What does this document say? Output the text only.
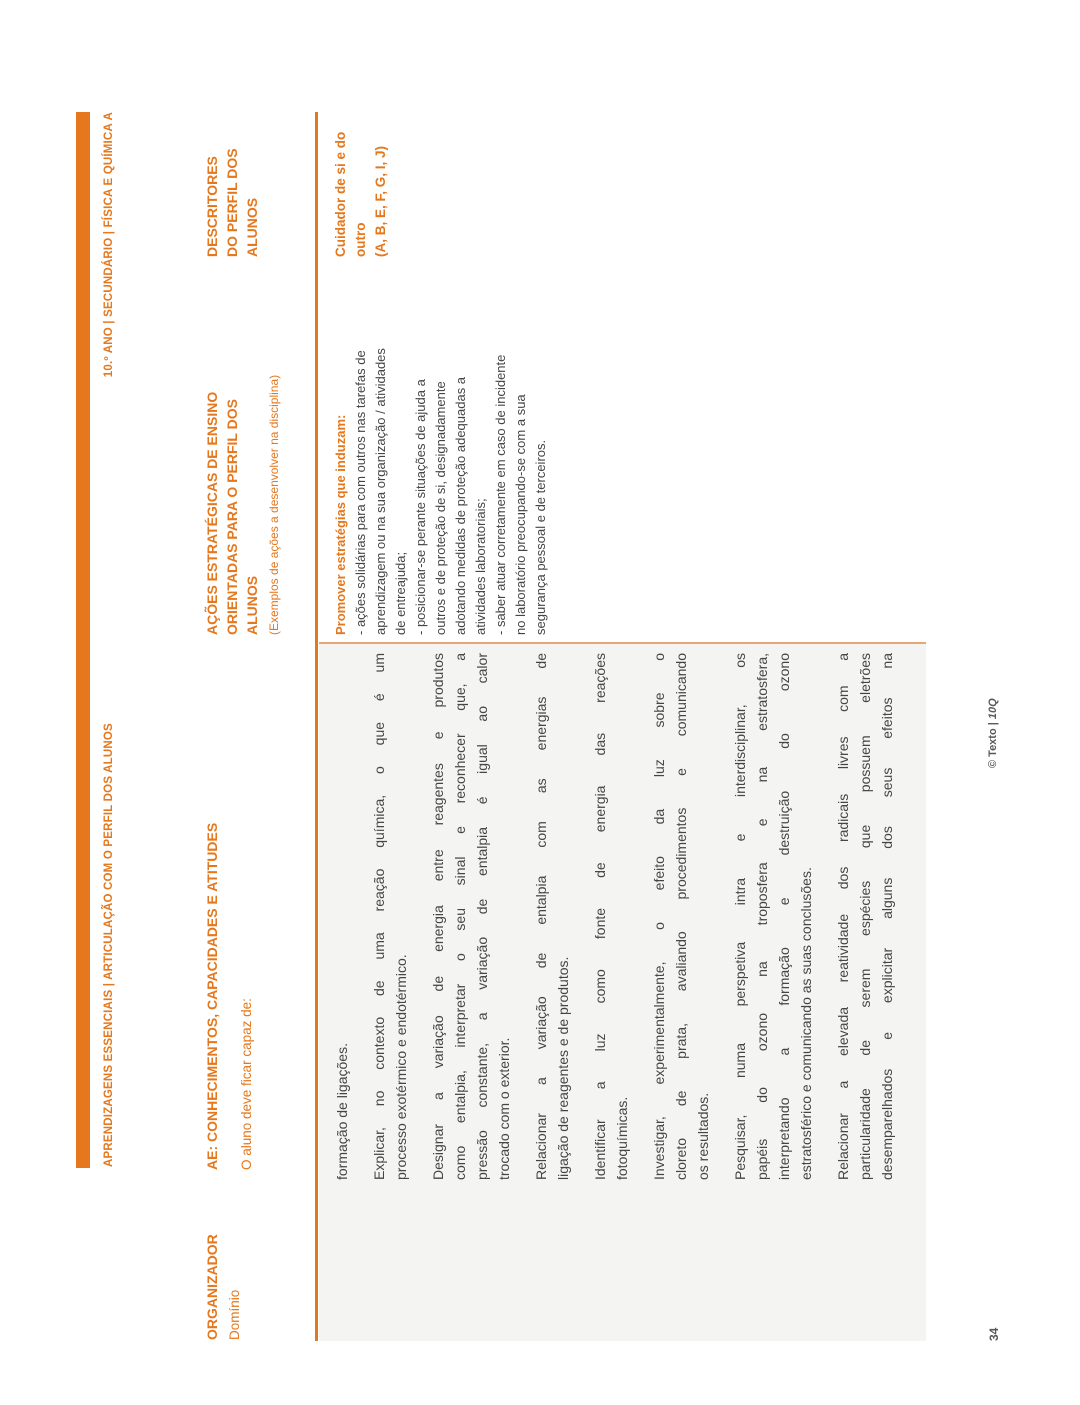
APRENDIZAGENS ESSENCIAIS | ARTICULAÇÃO COM O PERFIL DOS ALUNOS
10.º ANO | SECUNDÁRIO | FÍSICA E QUÍMICA A
ORGANIZADOR Domínio
AE: CONHECIMENTOS, CAPACIDADES E ATITUDES O aluno deve ficar capaz de:
AÇÕES ESTRATÉGICAS DE ENSINO ORIENTADAS PARA O PERFIL DOS ALUNOS (Exemplos de ações a desenvolver na disciplina)
DESCRITORES DO PERFIL DOS ALUNOS
formação de ligações. Explicar, no contexto de uma reação química, o que é um processo exotérmico e endotérmico. Designar a variação de energia entre reagentes e produtos como entalpia, interpretar o seu sinal e reconhecer que, a pressão constante, a variação de entalpia é igual ao calor trocado com o exterior. Relacionar a variação de entalpia com as energias de ligação de reagentes e de produtos. Identificar a luz como fonte de energia das reações fotoquímicas. Investigar, experimentalmente, o efeito da luz sobre o cloreto de prata, avaliando procedimentos e comunicando os resultados. Pesquisar, numa perspetiva intra e interdisciplinar, os papéis do ozono na troposfera e na estratosfera, interpretando a formação e destruição do ozono estratosférico e comunicando as suas conclusões. Relacionar a elevada reatividade dos radicais livres com a particularidade de serem espécies que possuem eletrões desemparelhados e explicitar alguns dos seus efeitos na
Promover estratégias que induzam: - ações solidárias para com outros nas tarefas de aprendizagem ou na sua organização / atividades de entreajuda; - posicionar-se perante situações de ajuda a outros e de proteção de si, designadamente adotando medidas de proteção adequadas a atividades laboratoriais; - saber atuar corretamente em caso de incidente no laboratório preocupando-se com a sua segurança pessoal e de terceiros.
Cuidador de si e do outro (A, B, E, F, G, I, J)
© Texto | 10Q
34
